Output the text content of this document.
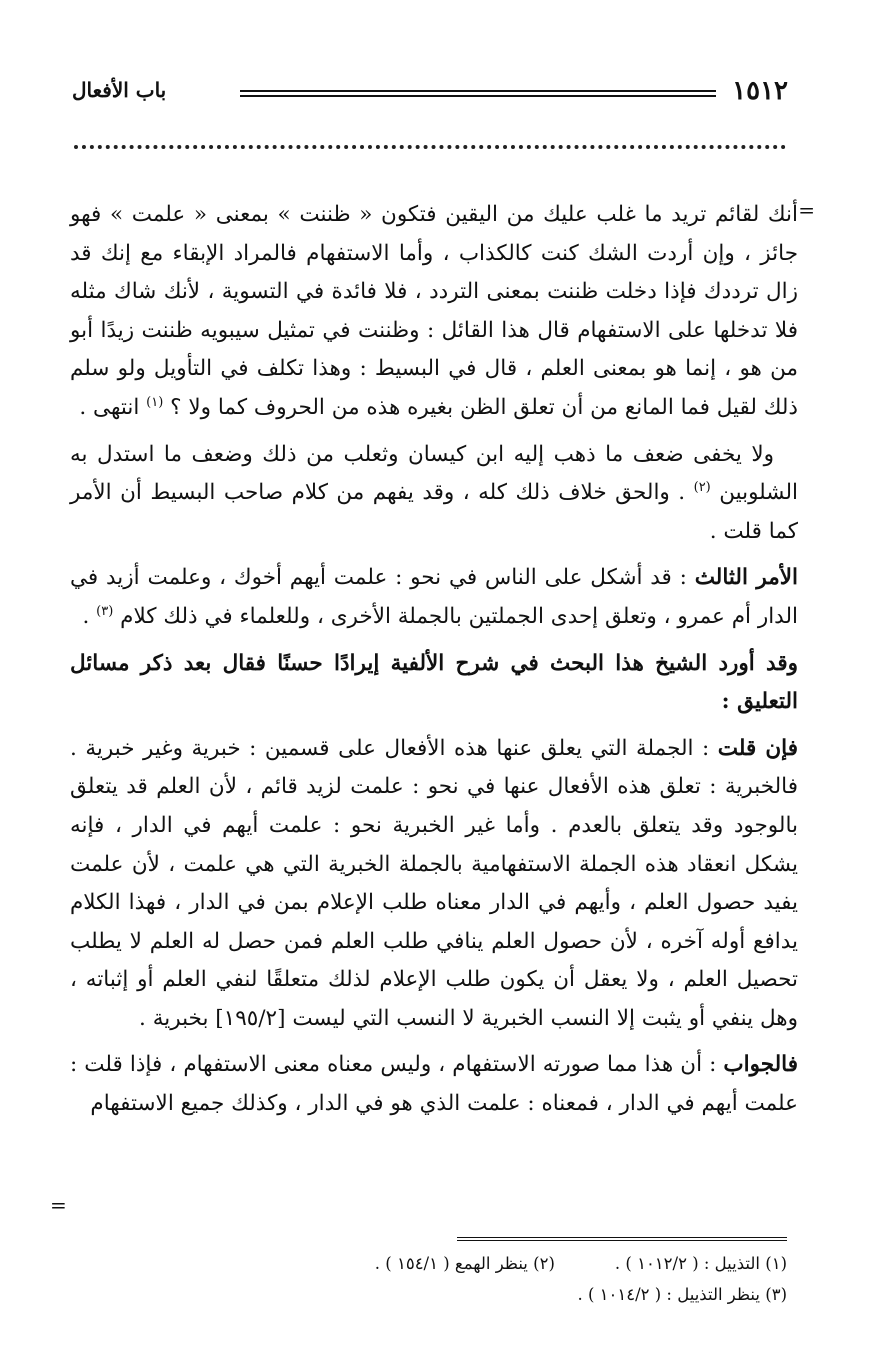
١٥١٢
باب الأفعال
=

أنك لقائم تريد ما غلب عليك من اليقين فتكون « ظننت » بمعنى « علمت » فهو جائز ، وإن أردت الشك كنت كالكذاب ، وأما الاستفهام فالمراد الإبقاء مع إنك قد زال ترددك فإذا دخلت ظننت بمعنى التردد ، فلا فائدة في التسوية ، لأنك شاك مثله فلا تدخلها على الاستفهام قال هذا القائل : وظننت في تمثيل سيبويه ظننت زيدًا أبو من هو ، إنما هو بمعنى العلم ، قال في البسيط : وهذا تكلف في التأويل ولو سلم ذلك لقيل فما المانع من أن تعلق الظن بغيره هذه من الحروف كما ولا ؟ $^{(١)}$ انتهى .

ولا يخفى ضعف ما ذهب إليه ابن كيسان وثعلب من ذلك وضعف ما استدل به الشلوبين $^{(٢)}$ . والحق خلاف ذلك كله ، وقد يفهم من كلام صاحب البسيط أن الأمر كما قلت .

الأمر الثالث : قد أشكل على الناس في نحو : علمت أيهم أخوك ، وعلمت أزيد في الدار أم عمرو ، وتعلق إحدى الجملتين بالجملة الأخرى ، وللعلماء في ذلك كلام $^{(٣)}$ .

وقد أورد الشيخ هذا البحث في شرح الألفية إيرادًا حسنًا فقال بعد ذكر مسائل التعليق :

فإن قلت : الجملة التي يعلق عنها هذه الأفعال على قسمين : خبرية وغير خبرية . فالخبرية : تعلق هذه الأفعال عنها في نحو : علمت لزيد قائم ، لأن العلم قد يتعلق بالوجود وقد يتعلق بالعدم . وأما غير الخبرية نحو : علمت أيهم في الدار ، فإنه يشكل انعقاد هذه الجملة الاستفهامية بالجملة الخبرية التي هي علمت ، لأن علمت يفيد حصول العلم ، وأيهم في الدار معناه طلب الإعلام بمن في الدار ، فهذا الكلام يدافع أوله آخره ، لأن حصول العلم ينافي طلب العلم فمن حصل له العلم لا يطلب تحصيل العلم ، ولا يعقل أن يكون طلب الإعلام لذلك متعلقًا لنفي العلم أو إثباته ، وهل ينفي أو يثبت إلا النسب الخبرية لا النسب التي ليست [١٩٥/٢] بخبرية .

فالجواب : أن هذا مما صورته الاستفهام ، وليس معناه معنى الاستفهام ، فإذا قلت : علمت أيهم في الدار ، فمعناه : علمت الذي هو في الدار ، وكذلك جميع الاستفهام

=
(١) التذييل : ( ١٠١٢/٢ ) .
(٢) ينظر الهمع ( ١٥٤/١ ) .
(٣) ينظر التذييل : ( ١٠١٤/٢ ) .
